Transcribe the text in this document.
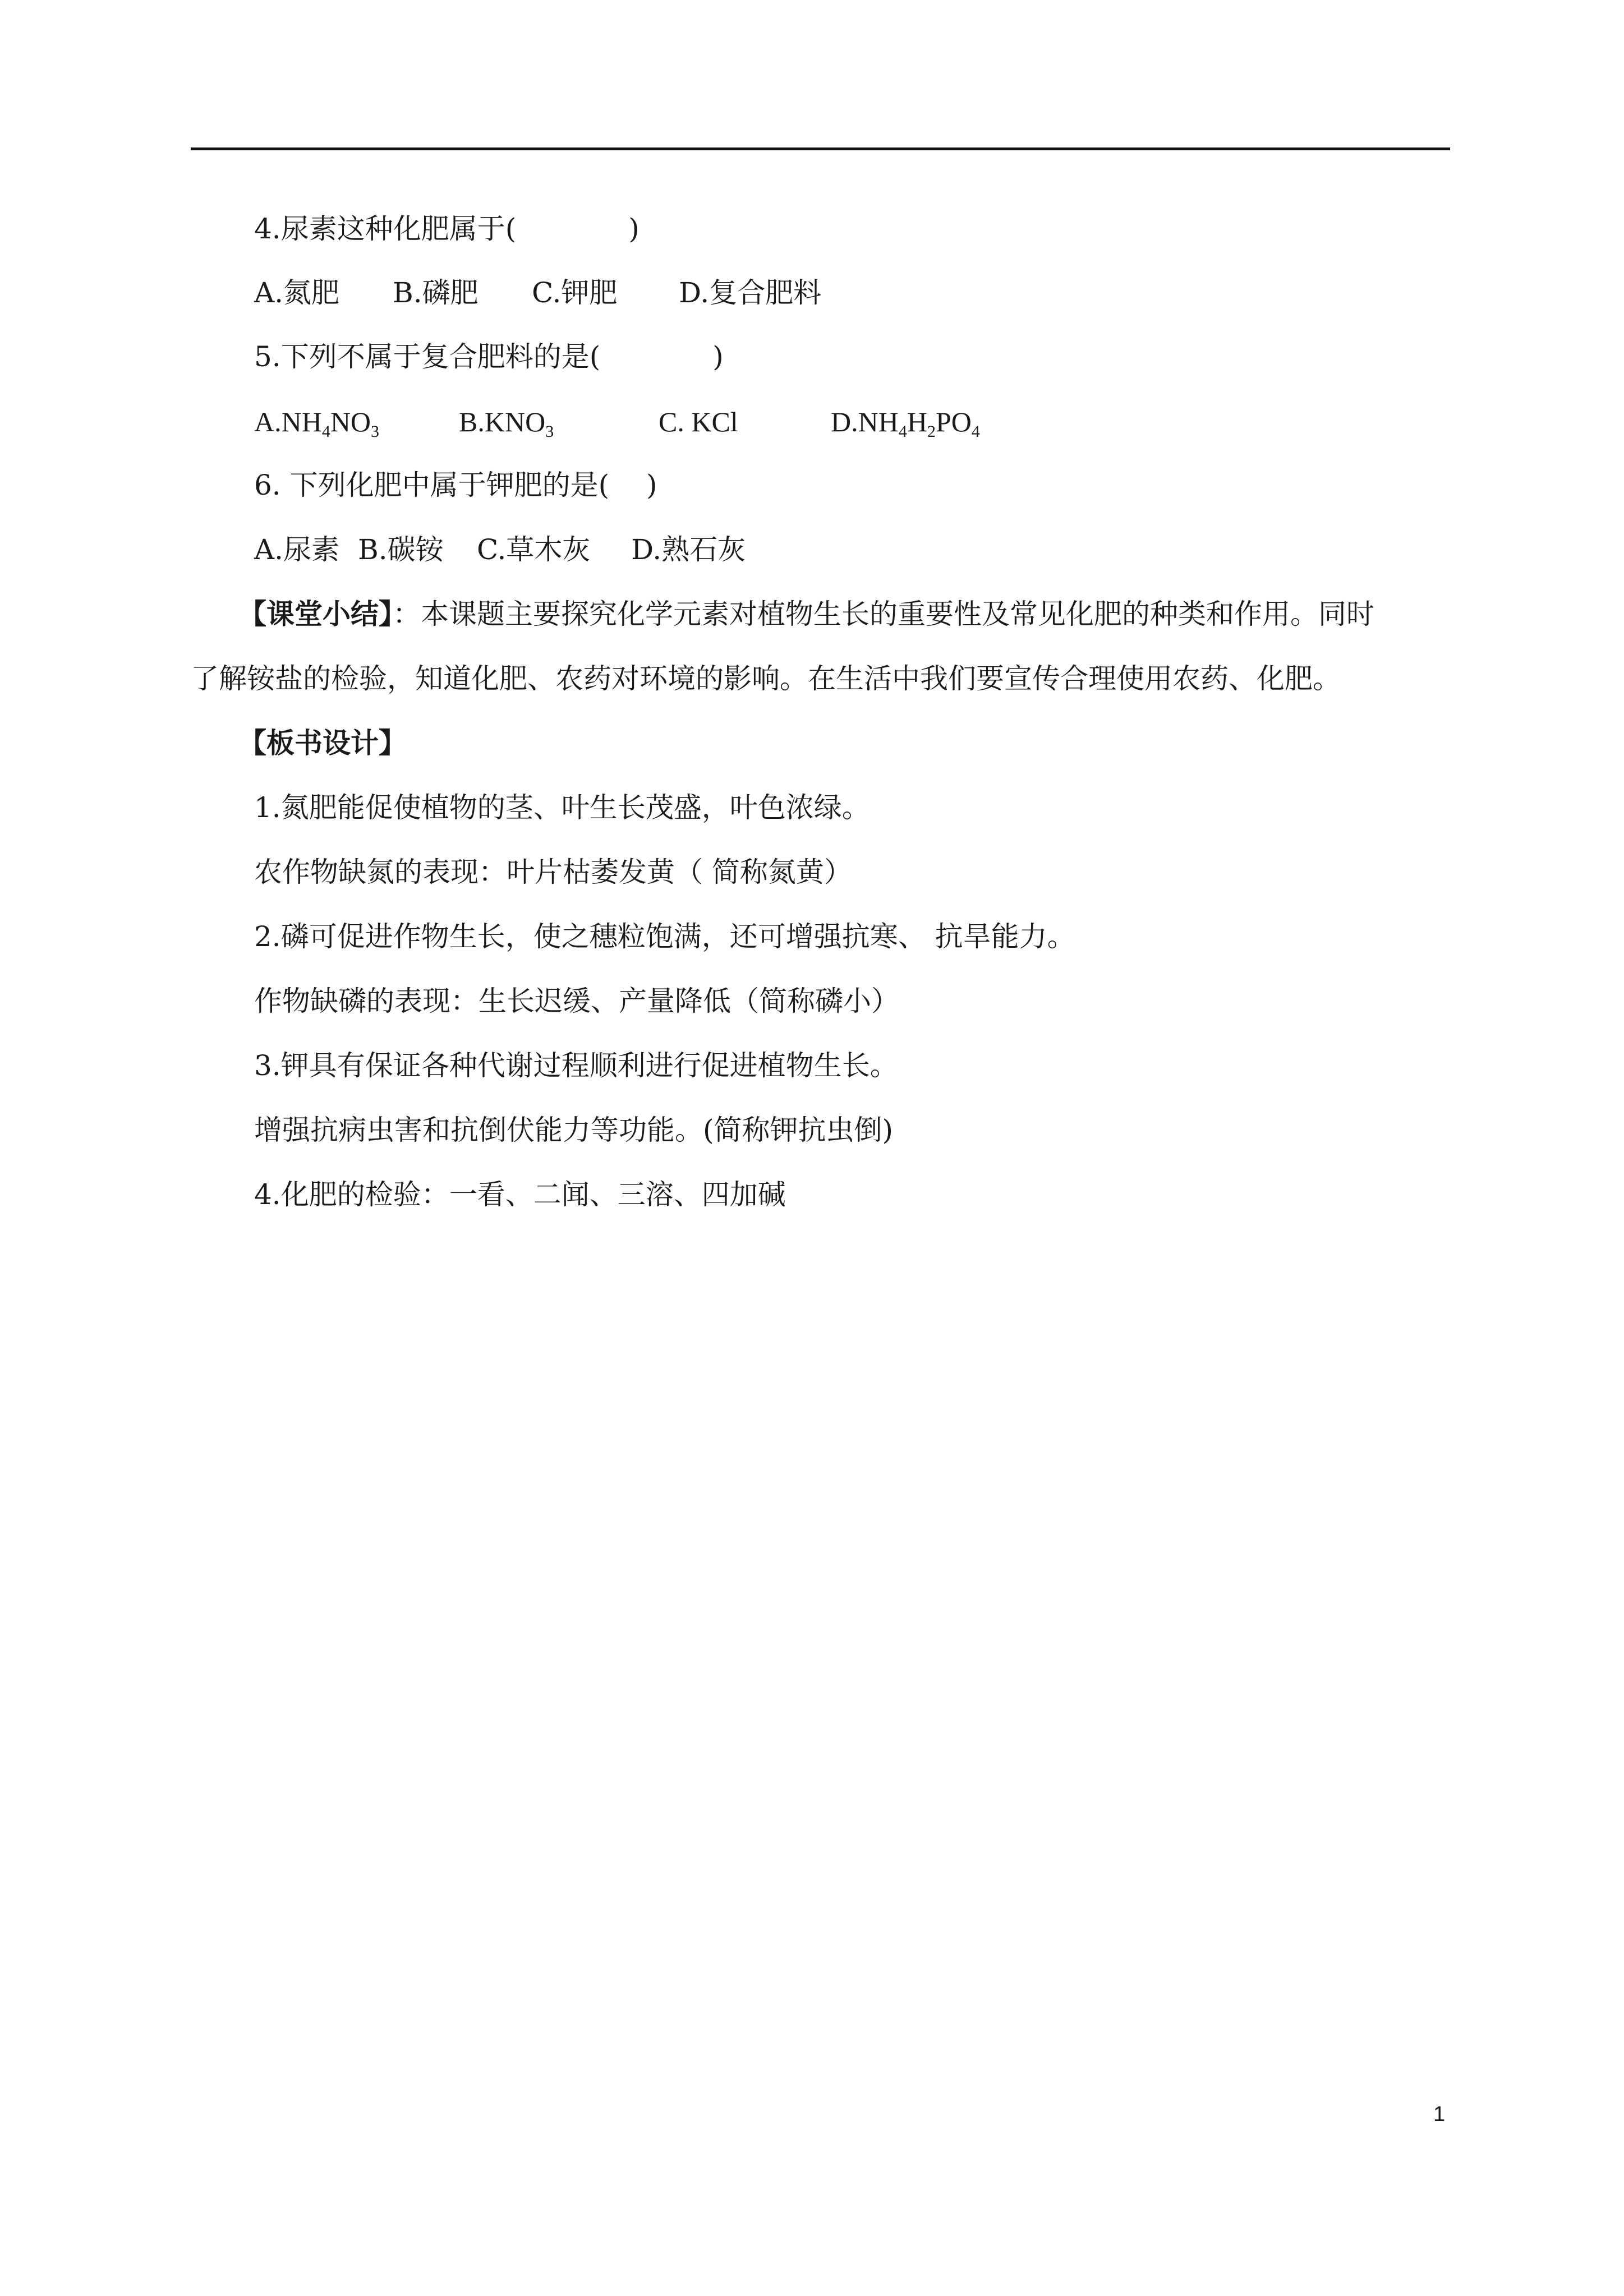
4.尿素这种化肥属于(　　　　)
A.氮肥 B.磷肥 C.钾肥 D.复合肥料
5.下列不属于复合肥料的是(　　　　)
$A.NH_4NO_3$	$B.KNO_3$	C. KCl	$D.NH_4H_2PO_4$
6. 下列化肥中属于钾肥的是(　 )
A.尿素 B.碳铵 C.草木灰 D.熟石灰
【课堂小结】：本课题主要探究化学元素对植物生长的重要性及常见化肥的种类和作用。同时
了解铵盐的检验，知道化肥、农药对环境的影响。在生活中我们要宣传合理使用农药、化肥。
【板书设计】
1.氮肥能促使植物的茎、叶生长茂盛，叶色浓绿。
农作物缺氮的表现：叶片枯萎发黄（ 简称氮黄）
2.磷可促进作物生长，使之穗粒饱满，还可增强抗寒、 抗旱能力。
作物缺磷的表现：生长迟缓、产量降低（简称磷小）
3.钾具有保证各种代谢过程顺利进行促进植物生长。
增强抗病虫害和抗倒伏能力等功能。(简称钾抗虫倒)
4.化肥的检验：一看、二闻、三溶、四加碱
1
